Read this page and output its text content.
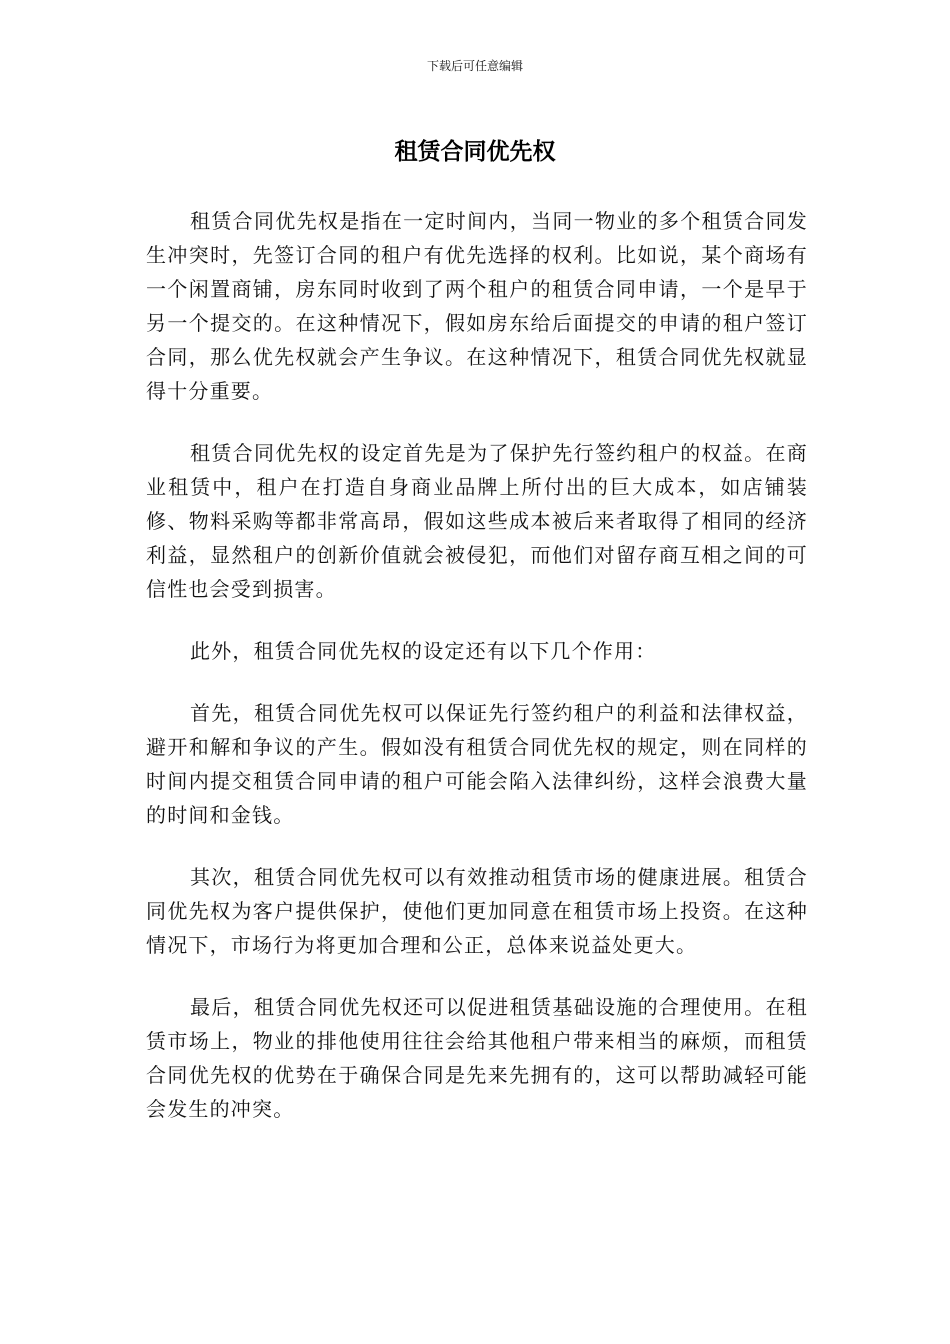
下载后可任意编辑
租赁合同优先权

租赁合同优先权是指在一定时间内，当同一物业的多个租赁合同发生冲突时，先签订合同的租户有优先选择的权利。比如说，某个商场有一个闲置商铺，房东同时收到了两个租户的租赁合同申请，一个是早于另一个提交的。在这种情况下，假如房东给后面提交的申请的租户签订合同，那么优先权就会产生争议。在这种情况下，租赁合同优先权就显得十分重要。

租赁合同优先权的设定首先是为了保护先行签约租户的权益。在商业租赁中，租户在打造自身商业品牌上所付出的巨大成本，如店铺装修、物料采购等都非常高昂，假如这些成本被后来者取得了相同的经济利益，显然租户的创新价值就会被侵犯，而他们对留存商互相之间的可信性也会受到损害。

此外，租赁合同优先权的设定还有以下几个作用：

首先，租赁合同优先权可以保证先行签约租户的利益和法律权益，避开和解和争议的产生。假如没有租赁合同优先权的规定，则在同样的时间内提交租赁合同申请的租户可能会陷入法律纠纷，这样会浪费大量的时间和金钱。

其次，租赁合同优先权可以有效推动租赁市场的健康进展。租赁合同优先权为客户提供保护，使他们更加同意在租赁市场上投资。在这种情况下，市场行为将更加合理和公正，总体来说益处更大。

最后，租赁合同优先权还可以促进租赁基础设施的合理使用。在租赁市场上，物业的排他使用往往会给其他租户带来相当的麻烦，而租赁合同优先权的优势在于确保合同是先来先拥有的，这可以帮助减轻可能会发生的冲突。
